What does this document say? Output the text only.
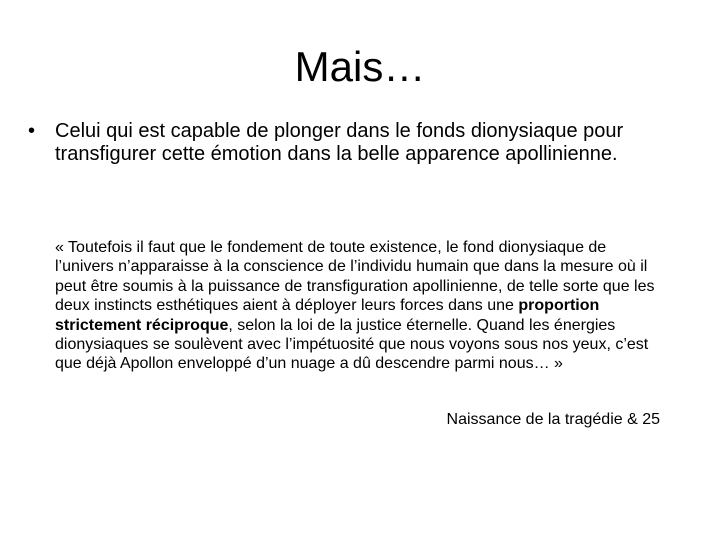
Mais…
• Celui qui est capable de plonger dans le fonds dionysiaque pour transfigurer cette émotion dans la belle apparence apollinienne.

« Toutefois il faut que le fondement de toute existence, le fond dionysiaque de l’univers n’apparaisse à la conscience de l’individu humain que dans la mesure où il peut être soumis à la puissance de transfiguration apollinienne, de telle sorte que les deux instincts esthétiques aient à déployer leurs forces dans une proportion strictement réciproque, selon la loi de la justice éternelle. Quand les énergies dionysiaques se soulèvent avec l’impétuosité que nous voyons sous nos yeux, c’est que déjà Apollon enveloppé d’un nuage a dû descendre parmi nous… »

Naissance de la tragédie & 25
